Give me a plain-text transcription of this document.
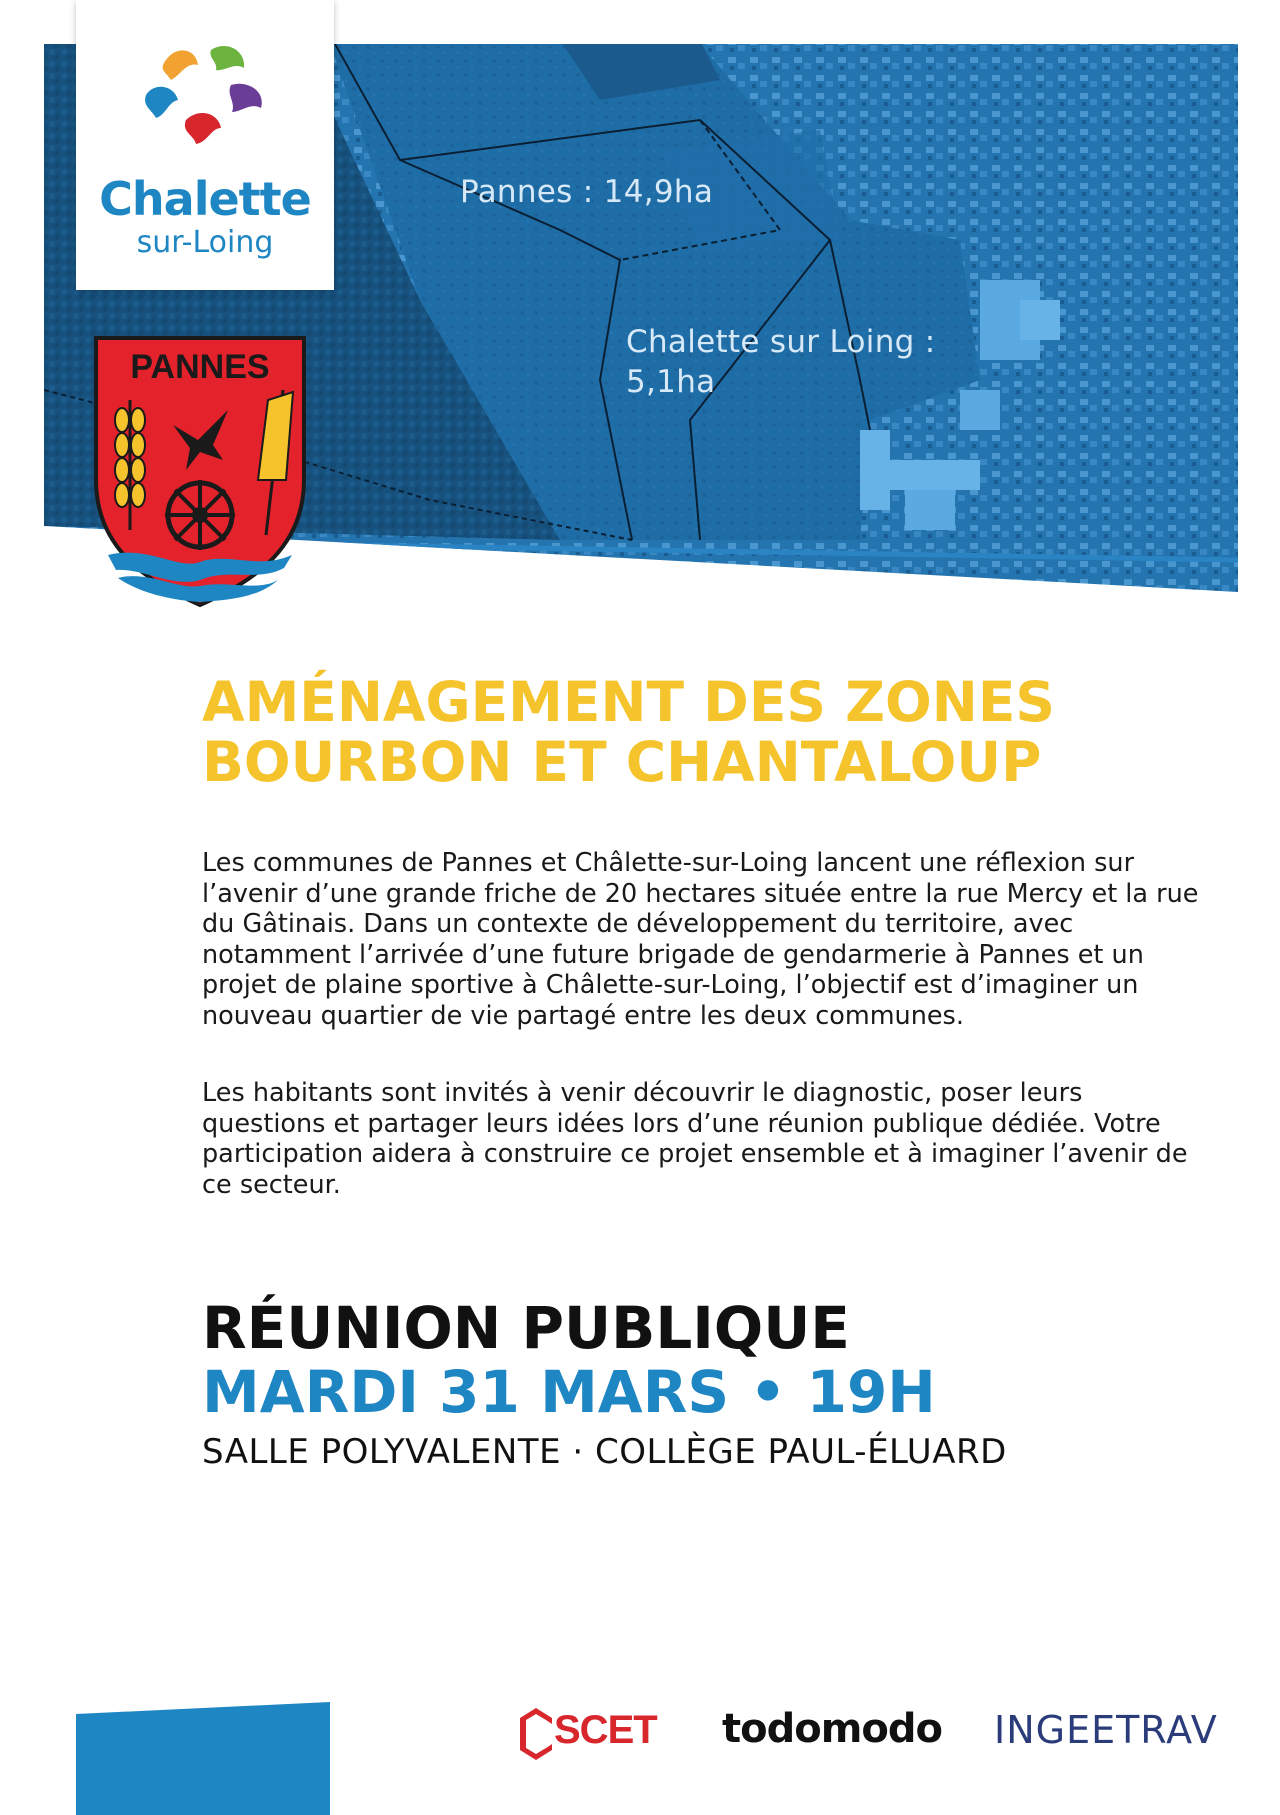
Pannes : 14,9ha
Chalette sur Loing : 5,1ha
Chalette
sur-Loing
PANNES
AMÉNAGEMENT DES ZONES BOURBON ET CHANTALOUP

Les communes de Pannes et Châlette-sur-Loing lancent une réflexion sur l’avenir d’une grande friche de 20 hectares située entre la rue Mercy et la rue du Gâtinais. Dans un contexte de développement du territoire, avec notamment l’arrivée d’une future brigade de gendarmerie à Pannes et un projet de plaine sportive à Châlette-sur-Loing, l’objectif est d’imaginer un nouveau quartier de vie partagé entre les deux communes.

Les habitants sont invités à venir découvrir le diagnostic, poser leurs questions et partager leurs idées lors d’une réunion publique dédiée. Votre participation aidera à construire ce projet ensemble et à imaginer l’avenir de ce secteur.

RÉUNION PUBLIQUE
MARDI 31 MARS • 19H

SALLE POLYVALENTE · COLLÈGE PAUL-ÉLUARD

SCET todomodo INGEETRAV
